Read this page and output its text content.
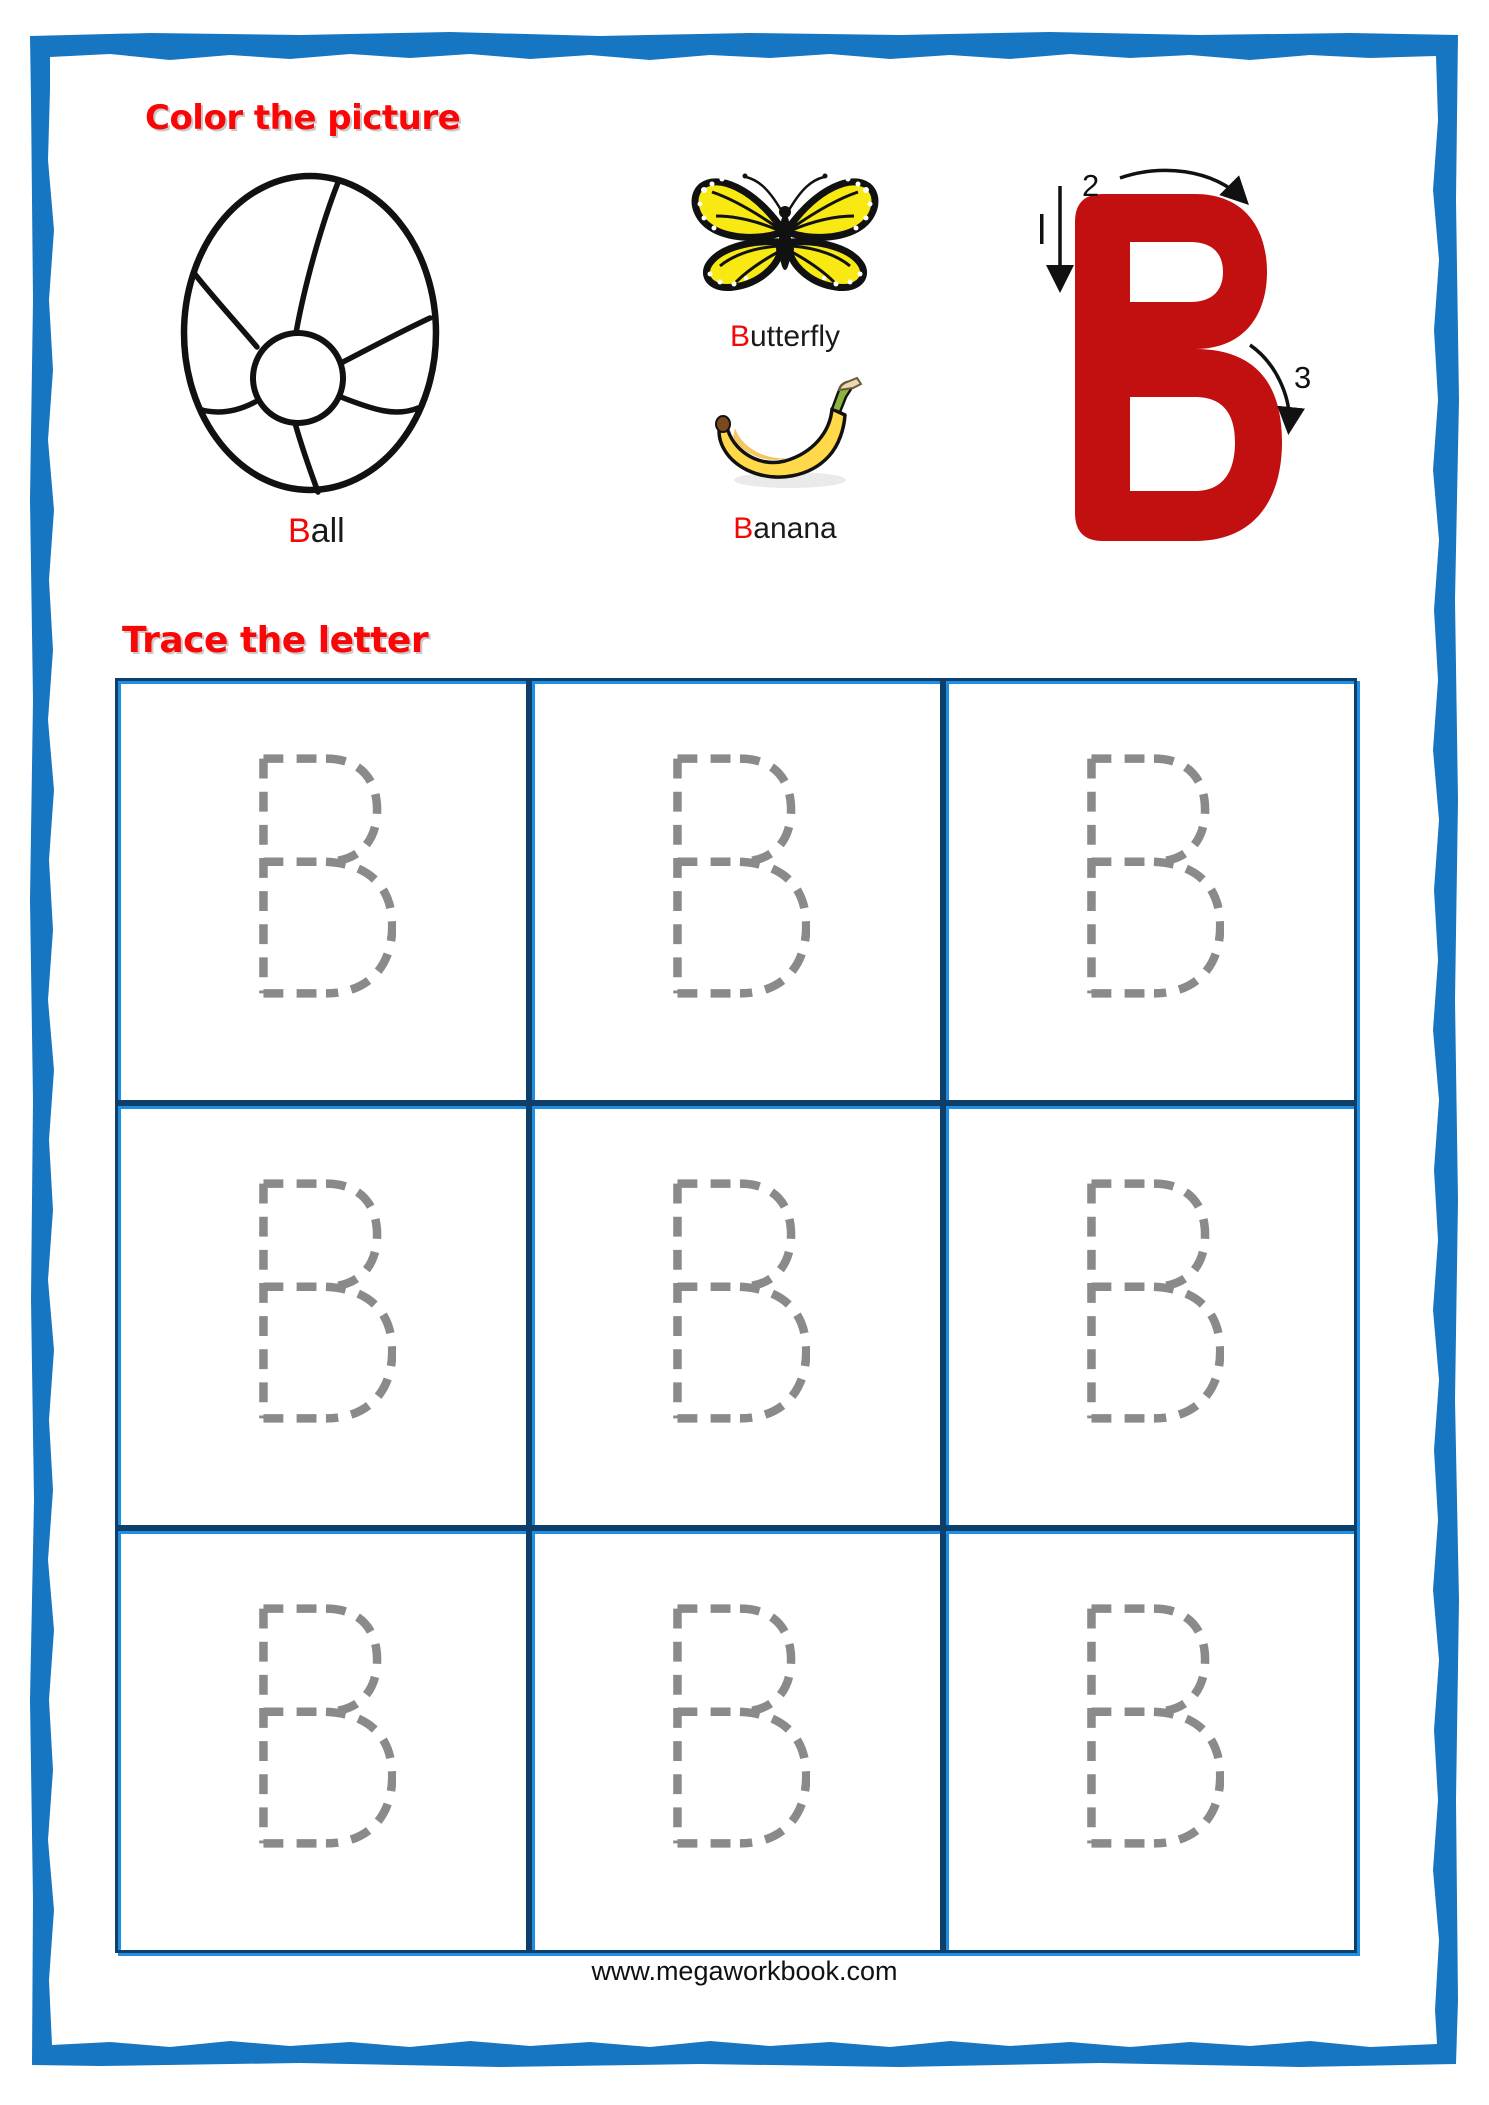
Color the picture
Ball
Butterfly
Banana
2
3
Trace the letter
www.megaworkbook.com
